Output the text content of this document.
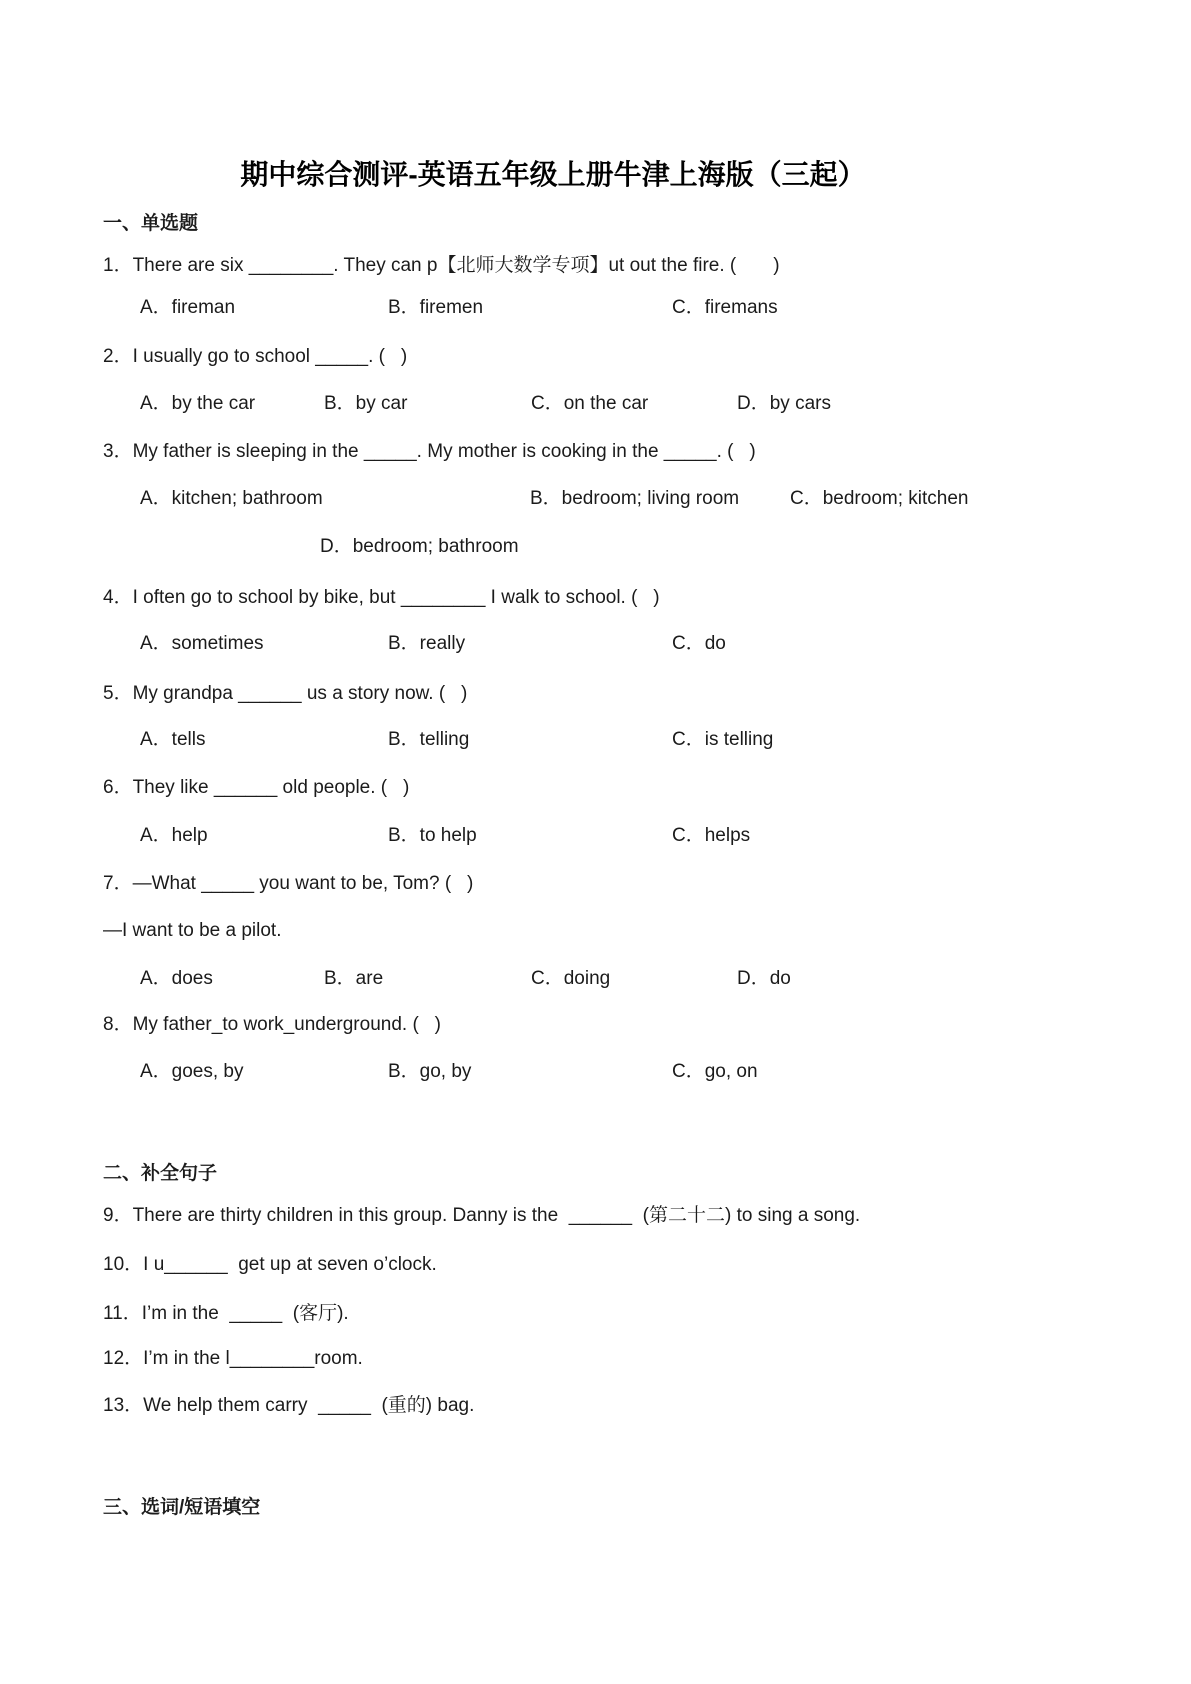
期中综合测评-英语五年级上册牛津上海版（三起）
一、单选题
1．There are six ________. They can p【北师大数学专项】ut out the fire. (       )

A．fireman

	B．firemen

	C．firemans

2．I usually go to school _____. (   )

A．by the car

	B．by car

	C．on the car

	D．by cars

3．My father is sleeping in the _____. My mother is cooking in the _____. (   )

A．kitchen; bathroom

	B．bedroom; living room

	C．bedroom; kitchen

D．bedroom; bathroom

4．I often go to school by bike, but ________ I walk to school. (   )

A．sometimes

	B．really

	C．do

5．My grandpa ______ us a story now. (   )

A．tells

	B．telling

	C．is telling

6．They like ______ old people. (   )

A．help

	B．to help

	C．helps

7．—What _____ you want to be, Tom? (   )
—I want to be a pilot.

A．does

	B．are

	C．doing

	D．do

8．My father_to work_underground. (   )

A．goes, by

	B．go, by

	C．go, on

二、补全句子
9．There are thirty children in this group. Danny is the  ______  (第二十二) to sing a song.
10．I u______  get up at seven o’clock.
11．I’m in the  _____  (客厅).
12．I’m in the l________room.
13．We help them carry  _____  (重的) bag.
三、选词/短语填空
